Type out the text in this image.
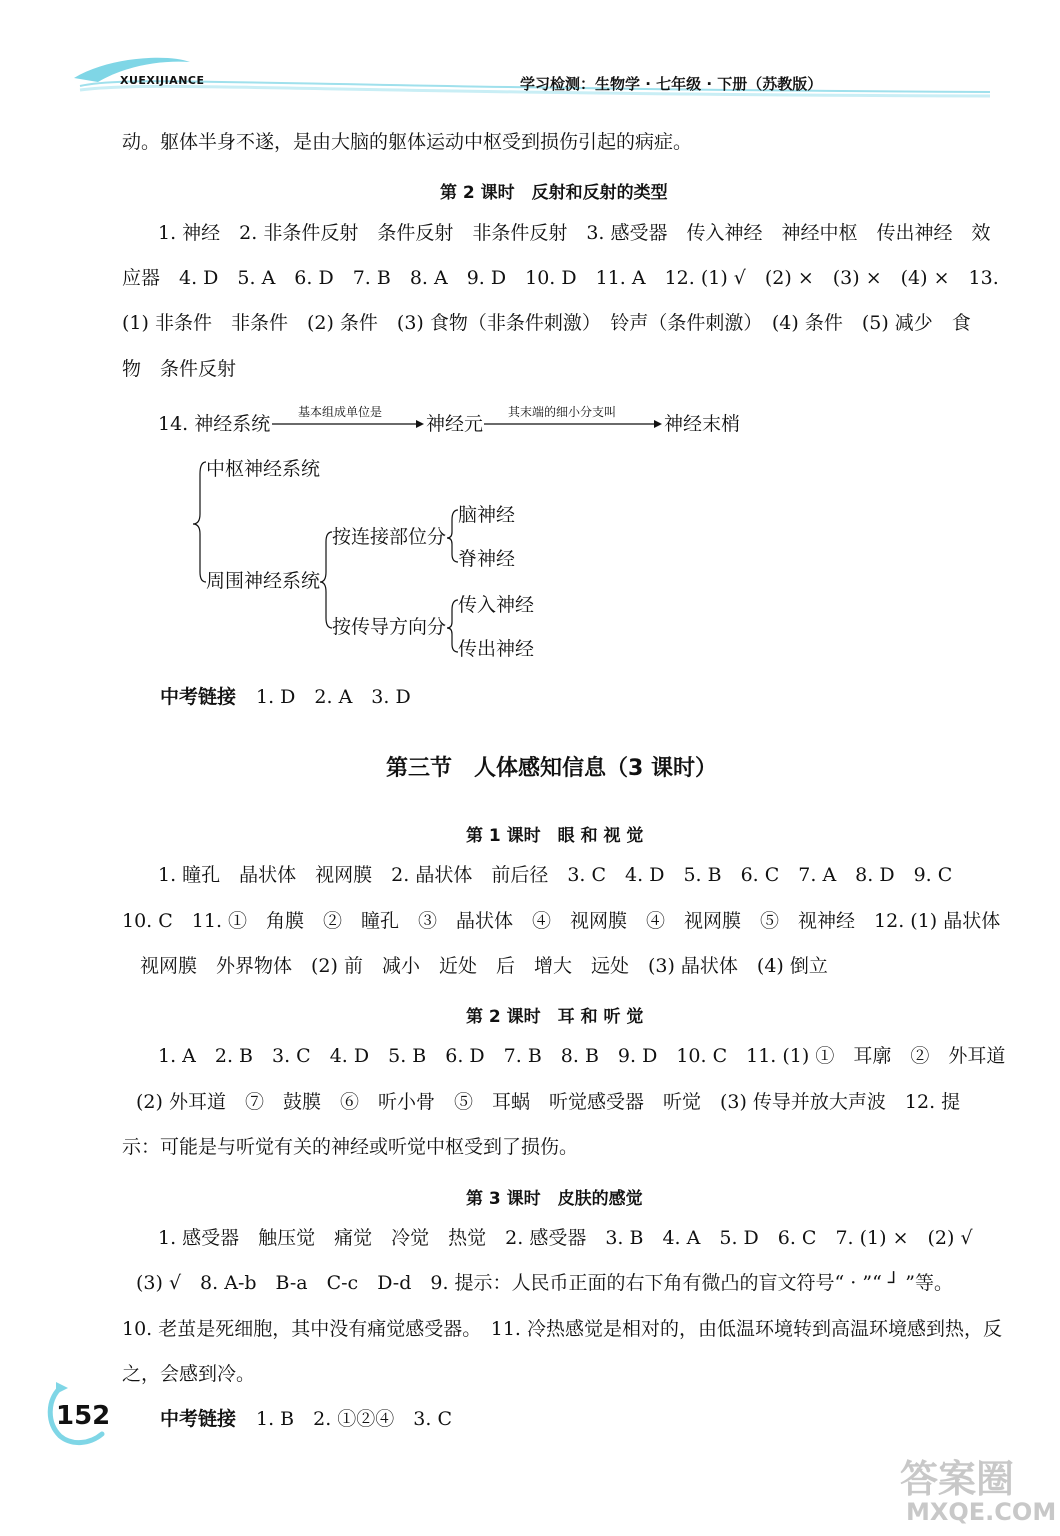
XUEXIJIANCE	学习检测：生物学 · 七年级 · 下册（苏教版）
动。躯体半身不遂，是由大脑的躯体运动中枢受到损伤引起的病症。
第 2 课时　反射和反射的类型
1. 神经　2. 非条件反射　条件反射　非条件反射　3. 感受器　传入神经　神经中枢　传出神经　效
应器　4. D　5. A　6. D　7. B　8. A　9. D　10. D　11. A　12. (1) √　(2) ×　(3) ×　(4) ×　13.
(1) 非条件　非条件　(2) 条件　(3) 食物（非条件刺激）　铃声（条件刺激）　(4) 条件　(5) 减少　食
物　条件反射
14. 神经系统
基本组成单位是
神经元
其末端的细小分支叫
神经末梢
中枢神经系统
周围神经系统
按连接部位分
脑神经
脊神经
按传导方向分
传入神经
传出神经
中考链接 1. D　2. A　3. D
第三节　人体感知信息（3 课时）
第 1 课时　眼 和 视 觉
1. 瞳孔　晶状体　视网膜　2. 晶状体　前后径　3. C　4. D　5. B　6. C　7. A　8. D　9. C
10. C　11. ①　角膜　②　瞳孔　③　晶状体　④　视网膜　④　视网膜　⑤　视神经　12. (1) 晶状体
视网膜　外界物体　(2) 前　减小　近处　后　增大　远处　(3) 晶状体　(4) 倒立
第 2 课时　耳 和 听 觉
1. A　2. B　3. C　4. D　5. B　6. D　7. B　8. B　9. D　10. C　11. (1) ①　耳廓　②　外耳道
(2) 外耳道　⑦　鼓膜　⑥　听小骨　⑤　耳蜗　听觉感受器　听觉　(3) 传导并放大声波　12. 提
示：可能是与听觉有关的神经或听觉中枢受到了损伤。
第 3 课时　皮肤的感觉
1. 感受器　触压觉　痛觉　冷觉　热觉　2. 感受器　3. B　4. A　5. D　6. C　7. (1) ×　(2) √
(3) √　8. A-b　B-a　C-c　D-d　9. 提示：人民币正面的右下角有微凸的盲文符号“ · ”“ ┘ ”等。
10. 老茧是死细胞，其中没有痛觉感受器。　11. 冷热感觉是相对的，由低温环境转到高温环境感到热，反
之，会感到冷。
152	中考链接 1. B　2. ①②④　3. C
答案圈
MXQE.COM
